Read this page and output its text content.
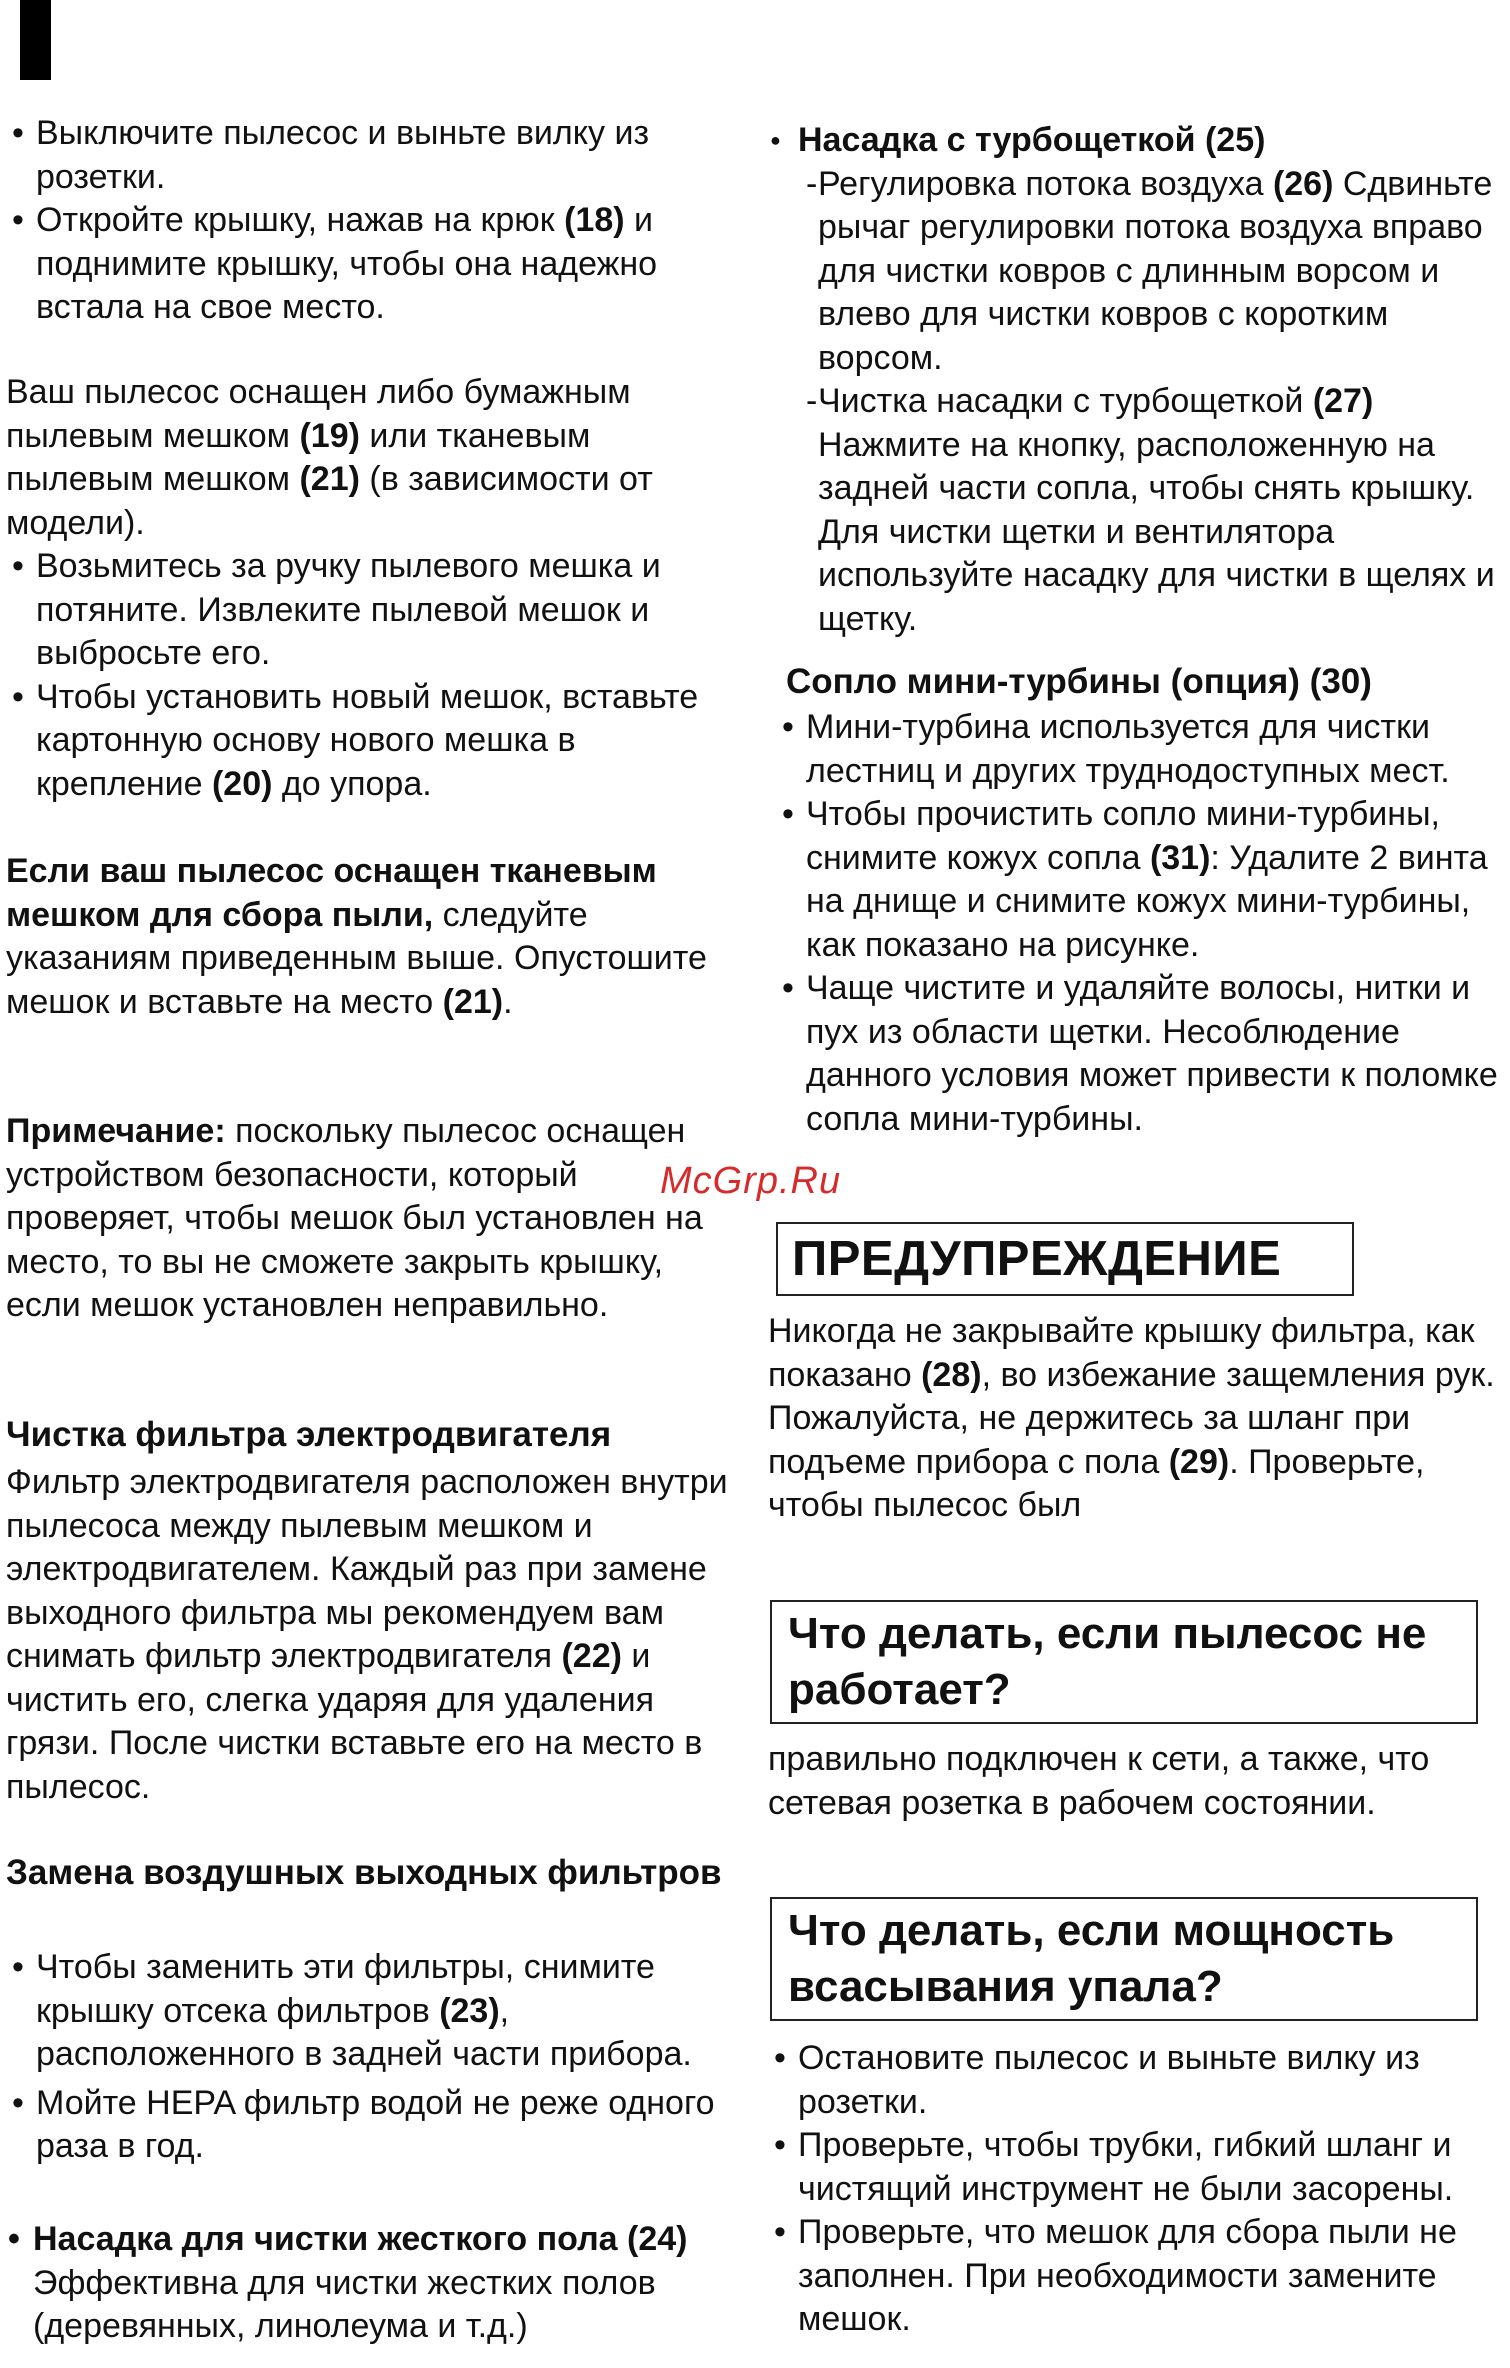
• Выключите пылесос и выньте вилку из розетки.
• Откройте крышку, нажав на крюк (18) и поднимите крышку, чтобы она надежно встала на свое место.
Ваш пылесос оснащен либо бумажным пылевым мешком (19) или тканевым пылевым мешком (21) (в зависимости от модели).
• Возьмитесь за ручку пылевого мешка и потяните. Извлеките пылевой мешок и выбросьте его.
• Чтобы установить новый мешок, вставьте картонную основу нового мешка в крепление (20) до упора.
Если ваш пылесос оснащен тканевым мешком для сбора пыли, следуйте указаниям приведенным выше. Опустошите мешок и вставьте на место (21).
Примечание: поскольку пылесос оснащен устройством безопасности, который проверяет, чтобы мешок был установлен на место, то вы не сможете закрыть крышку, если мешок установлен неправильно.
Чистка фильтра электродвигателя
Фильтр электродвигателя расположен внутри пылесоса между пылевым мешком и электродвигателем. Каждый раз при замене выходного фильтра мы рекомендуем вам снимать фильтр электродвигателя (22) и чистить его, слегка ударяя для удаления грязи. После чистки вставьте его на место в пылесос.
Замена воздушных выходных фильтров
• Чтобы заменить эти фильтры, снимите крышку отсека фильтров (23), расположенного в задней части прибора.
• Мойте HEPA фильтр водой не реже одного раза в год.
• Насадка для чистки жесткого пола (24)
Эффективна для чистки жестких полов (деревянных, линолеума и т.д.)
● Насадка с турбощеткой (25)
- Регулировка потока воздуха (26) Сдвиньте рычаг регулировки потока воздуха вправо для чистки ковров с длинным ворсом и влево для чистки ковров с коротким ворсом.
- Чистка насадки с турбощеткой (27) Нажмите на кнопку, расположенную на задней части сопла, чтобы снять крышку. Для чистки щетки и вентилятора используйте насадку для чистки в щелях и щетку.
Сопло мини-турбины (опция) (30)
• Мини-турбина используется для чистки лестниц и других труднодоступных мест.
• Чтобы прочистить сопло мини-турбины, снимите кожух сопла (31): Удалите 2 винта на днище и снимите кожух мини-турбины, как показано на рисунке.
• Чаще чистите и удаляйте волосы, нитки и пух из области щетки. Несоблюдение данного условия может привести к поломке сопла мини-турбины.
ПРЕДУПРЕЖДЕНИЕ
Никогда не закрывайте крышку фильтра, как показано (28), во избежание защемления рук. Пожалуйста, не держитесь за шланг при подъеме прибора с пола (29). Проверьте, чтобы пылесос был
Что делать, если пылесос не работает?
правильно подключен к сети, а также, что сетевая розетка в рабочем состоянии.
Что делать, если мощность всасывания упала?
• Остановите пылесос и выньте вилку из розетки.
• Проверьте, чтобы трубки, гибкий шланг и чистящий инструмент не были засорены.
• Проверьте, что мешок для сбора пыли не заполнен. При необходимости замените мешок.
McGrp.Ru
